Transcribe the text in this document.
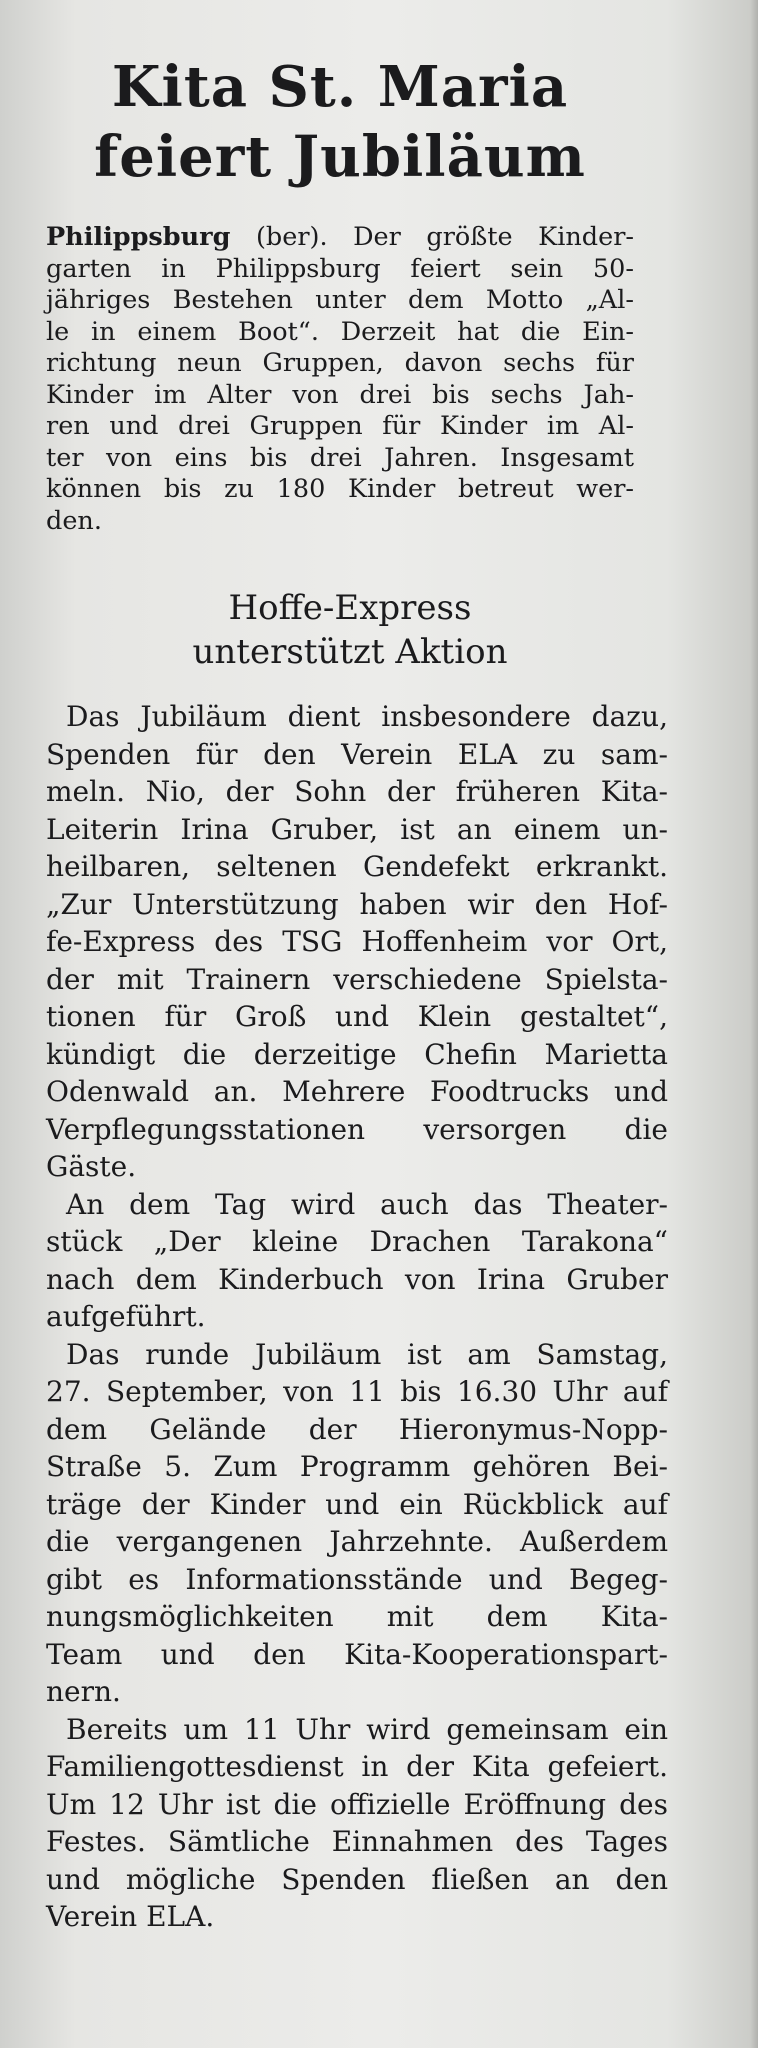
Kita St. Maria
feiert Jubiläum
Philippsburg (ber). Der größte Kinder-
garten in Philippsburg feiert sein 50-
jähriges Bestehen unter dem Motto „Al-
le in einem Boot“. Derzeit hat die Ein-
richtung neun Gruppen, davon sechs für
Kinder im Alter von drei bis sechs Jah-
ren und drei Gruppen für Kinder im Al-
ter von eins bis drei Jahren. Insgesamt
können bis zu 180 Kinder betreut wer-
den.
Hoffe-Express
unterstützt Aktion
Das Jubiläum dient insbesondere dazu,
Spenden für den Verein ELA zu sam-
meln. Nio, der Sohn der früheren Kita-
Leiterin Irina Gruber, ist an einem un-
heilbaren, seltenen Gendefekt erkrankt.
„Zur Unterstützung haben wir den Hof-
fe-Express des TSG Hoffenheim vor Ort,
der mit Trainern verschiedene Spielsta-
tionen für Groß und Klein gestaltet“,
kündigt die derzeitige Chefin Marietta
Odenwald an. Mehrere Foodtrucks und
Verpflegungsstationen versorgen die
Gäste.
An dem Tag wird auch das Theater-
stück „Der kleine Drachen Tarakona“
nach dem Kinderbuch von Irina Gruber
aufgeführt.
Das runde Jubiläum ist am Samstag,
27. September, von 11 bis 16.30 Uhr auf
dem Gelände der Hieronymus-Nopp-
Straße 5. Zum Programm gehören Bei-
träge der Kinder und ein Rückblick auf
die vergangenen Jahrzehnte. Außerdem
gibt es Informationsstände und Begeg-
nungsmöglichkeiten mit dem Kita-
Team und den Kita-Kooperationspart-
nern.
Bereits um 11 Uhr wird gemeinsam ein
Familiengottesdienst in der Kita gefeiert.
Um 12 Uhr ist die offizielle Eröffnung des
Festes. Sämtliche Einnahmen des Tages
und mögliche Spenden fließen an den
Verein ELA.
